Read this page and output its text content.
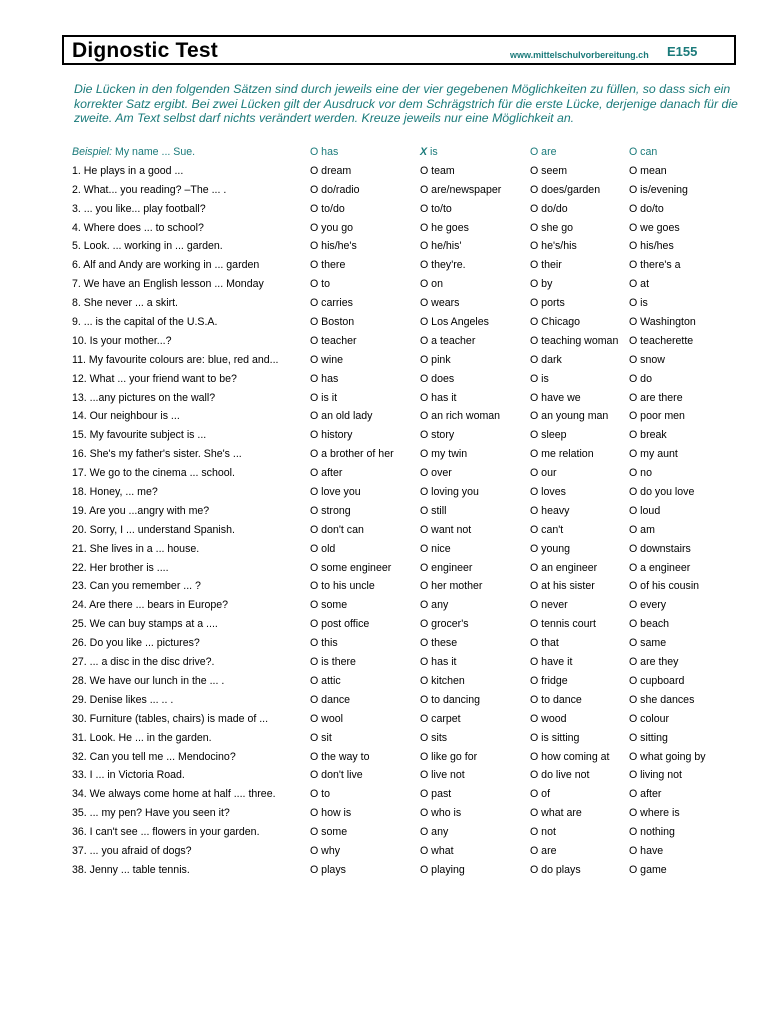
Dignostic Test	www.mittelschulvorbereitung.ch E155
Die Lücken in den folgenden Sätzen sind durch jeweils eine der vier gegebenen Möglichkeiten zu füllen, so dass sich ein korrekter Satz ergibt. Bei zwei Lücken gilt der Ausdruck vor dem Schrägstrich für die erste Lücke, derjenige danach für die zweite. Am Text selbst darf nichts verändert werden. Kreuze jeweils nur eine Möglichkeit an.
Beispiel: My name ... Sue.	O has	X is	O are	O can
1. He plays in a good ...	O dream	O team	O seem	O mean
2. What... you reading? –The ... .	O do/radio	O are/newspaper	O does/garden	O is/evening
3. ... you like... play football?	O to/do	O to/to	O do/do	O do/to
4. Where does ... to school?	O you go	O he goes	O she go	O we goes
5. Look. ... working in ... garden.	O his/he's	O he/his'	O he's/his	O his/hes
6. Alf and Andy are working in ... garden	O there	O they're.	O their	O there's a
7. We have an English lesson ... Monday	O to	O on	O by	O at
8. She never ... a skirt.	O carries	O wears	O ports	O is
9. ... is the capital of the U.S.A.	O Boston	O Los Angeles	O Chicago	O Washington
10. Is your mother...?	O teacher	O a teacher	O teaching woman O teacherette
11. My favourite colours are: blue, red and...	O wine	O pink	O dark	O snow
12. What ... your friend want to be?	O has	O does	O is	O do
13. ...any pictures on the wall?	O is it	O has it	O have we	O are there
14. Our neighbour is ...	O an old lady	O an rich woman	O an young man O poor men
15. My favourite subject is ...	O history	O story	O sleep	O break
16. She's my father's sister. She's ...	O a brother of her O my twin	O me relation	O my aunt
17. We go to the cinema ... school.	O after	O over	O our	O no
18. Honey, ... me?	O love you	O loving you	O loves	O do you love
19. Are you ...angry with me?	O strong	O still	O heavy	O loud
20. Sorry, I ... understand Spanish.	O don't can	O want not	O can't	O am
21. She lives in a ... house.	O old	O nice	O young	O downstairs
22. Her brother is ....	O some engineer	O engineer	O an engineer	O a engineer
23. Can you remember ... ?	O to his uncle	O her mother	O at his sister	O of his cousin
24. Are there ... bears in Europe?	O some	O any	O never	O every
25. We can buy stamps at a ....	O post office	O grocer's	O tennis court	O beach
26. Do you like ... pictures?	O this	O these	O that	O same
27. ... a disc in the disc drive?.	O is there	O has it	O have it	O are they
28. We have our lunch in the ... .	O attic	O kitchen	O fridge	O cupboard
29. Denise likes ... .. .	O dance	O to dancing	O to dance	O she dances
30. Furniture (tables, chairs) is made of ...	O wool	O carpet	O wood	O colour
31. Look. He ... in the garden.	O sit	O sits	O is sitting	O sitting
32. Can you tell me ... Mendocino?	O the way to	O like go for	O how coming at O what going by
33. I ... in Victoria Road.	O don't live	O live not	O do live not	O living not
34. We always come home at half .... three.	O to	O past	O of	O after
35. ... my pen? Have you seen it?	O how is	O who is	O what are	O where is
36. I can't see ... flowers in your garden.	O some	O any	O not	O nothing
37. ... you afraid of dogs?	O why	O what	O are	O have
38. Jenny ... table tennis.	O plays	O playing	O do plays	O game
